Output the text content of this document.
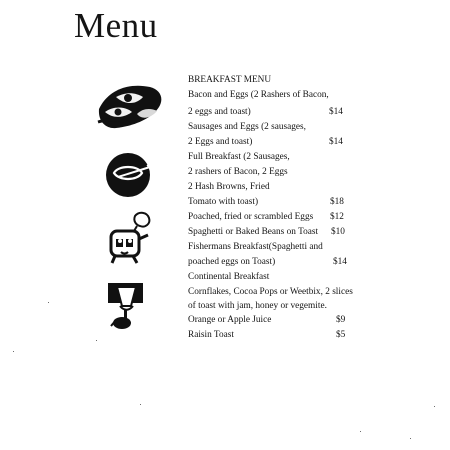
Menu
BREAKFAST MENU
Bacon and Eggs (2 Rashers of Bacon,
2 eggs and toast)	$14
Sausages and Eggs (2 sausages,
2 Eggs and toast)	$14
Full Breakfast (2 Sausages,
2 rashers of Bacon, 2 Eggs
2 Hash Browns, Fried
Tomato with toast)	$18
Poached, fried or scrambled Eggs $12
Spaghetti or Baked Beans on Toast $10
Fishermans Breakfast(Spaghetti and
poached eggs on Toast)	$14
Continental Breakfast
Cornflakes, Cocoa Pops or Weetbix, 2 slices
of toast with jam, honey or vegemite.
Orange or Apple Juice	$9
Raisin Toast	$5
